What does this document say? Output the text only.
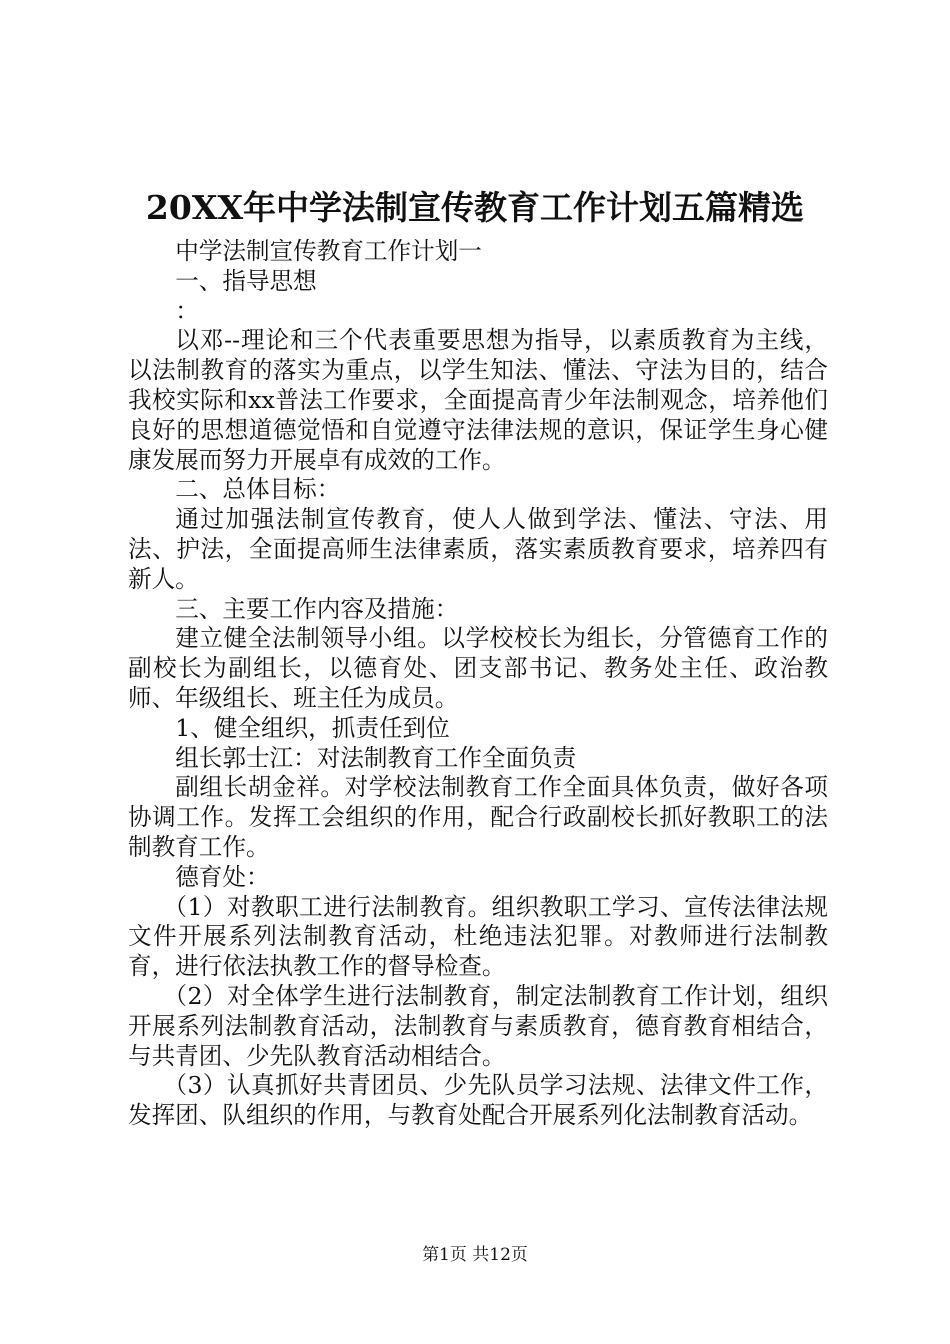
20XX年中学法制宣传教育工作计划五篇精选

中学法制宣传教育工作计划一

一、指导思想

：

以邓--理论和三个代表重要思想为指导，以素质教育为主线，以法制教育的落实为重点，以学生知法、懂法、守法为目的，结合我校实际和xx普法工作要求，全面提高青少年法制观念，培养他们良好的思想道德觉悟和自觉遵守法律法规的意识，保证学生身心健康发展而努力开展卓有成效的工作。

二、总体目标：

通过加强法制宣传教育，使人人做到学法、懂法、守法、用法、护法，全面提高师生法律素质，落实素质教育要求，培养四有新人。

三、主要工作内容及措施：

建立健全法制领导小组。以学校校长为组长，分管德育工作的副校长为副组长，以德育处、团支部书记、教务处主任、政治教师、年级组长、班主任为成员。

1、健全组织，抓责任到位

组长郭士江：对法制教育工作全面负责

副组长胡金祥。对学校法制教育工作全面具体负责，做好各项协调工作。发挥工会组织的作用，配合行政副校长抓好教职工的法制教育工作。

德育处：

（1）对教职工进行法制教育。组织教职工学习、宣传法律法规文件开展系列法制教育活动，杜绝违法犯罪。对教师进行法制教育，进行依法执教工作的督导检查。

（2）对全体学生进行法制教育，制定法制教育工作计划，组织开展系列法制教育活动，法制教育与素质教育，德育教育相结合，与共青团、少先队教育活动相结合。

（3）认真抓好共青团员、少先队员学习法规、法律文件工作，发挥团、队组织的作用，与教育处配合开展系列化法制教育活动。

第1页 共12页
